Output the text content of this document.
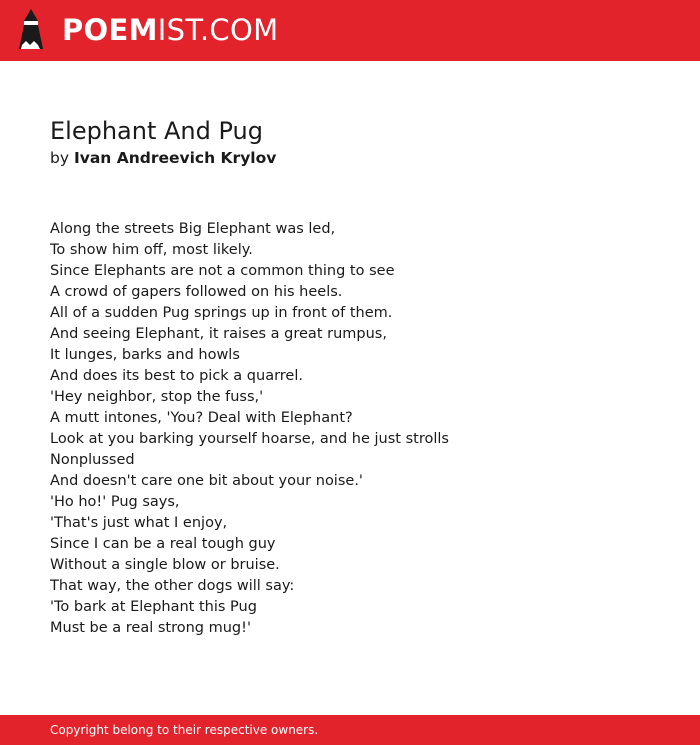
POEMIST.COM
Elephant And Pug
by Ivan Andreevich Krylov
Along the streets Big Elephant was led,
To show him off, most likely.
Since Elephants are not a common thing to see
A crowd of gapers followed on his heels.
All of a sudden Pug springs up in front of them.
And seeing Elephant, it raises a great rumpus,
It lunges, barks and howls
And does its best to pick a quarrel.
'Hey neighbor, stop the fuss,'
A mutt intones, 'You? Deal with Elephant?
Look at you barking yourself hoarse, and he just strolls
Nonplussed
And doesn't care one bit about your noise.'
'Ho ho!' Pug says,
'That's just what I enjoy,
Since I can be a real tough guy
Without a single blow or bruise.
That way, the other dogs will say:
'To bark at Elephant this Pug
Must be a real strong mug!'
Copyright belong to their respective owners.
